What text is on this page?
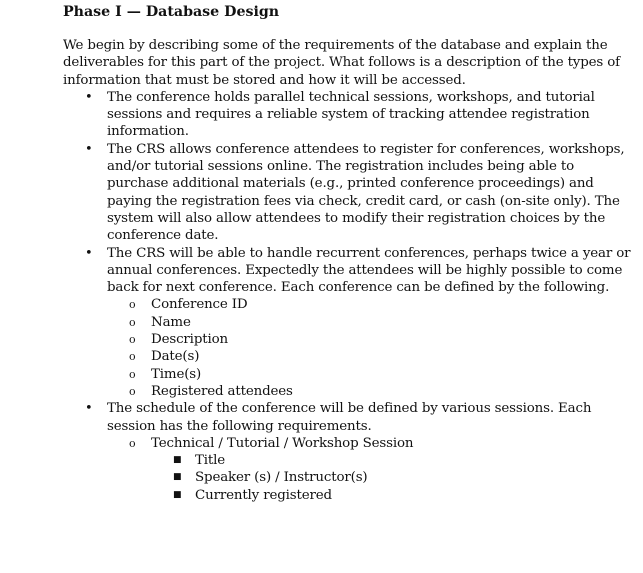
Phase I — Database Design

We begin by describing some of the requirements of the database and explain the deliverables for this part of the project. What follows is a description of the types of information that must be stored and how it will be accessed.

• The conference holds parallel technical sessions, workshops, and tutorial sessions and requires a reliable system of tracking attendee registration information.
• The CRS allows conference attendees to register for conferences, workshops, and/or tutorial sessions online. The registration includes being able to purchase additional materials (e.g., printed conference proceedings) and paying the registration fees via check, credit card, or cash (on-site only). The system will also allow attendees to modify their registration choices by the conference date.
• The CRS will be able to handle recurrent conferences, perhaps twice a year or annual conferences. Expectedly the attendees will be highly possible to come back for next conference. Each conference can be defined by the following.
o Conference ID
o Name
o Description
o Date(s)
o Time(s)
o Registered attendees
• The schedule of the conference will be defined by various sessions. Each session has the following requirements.
o Technical / Tutorial / Workshop Session
■ Title
■ Speaker (s) / Instructor(s)
■ Currently registered
